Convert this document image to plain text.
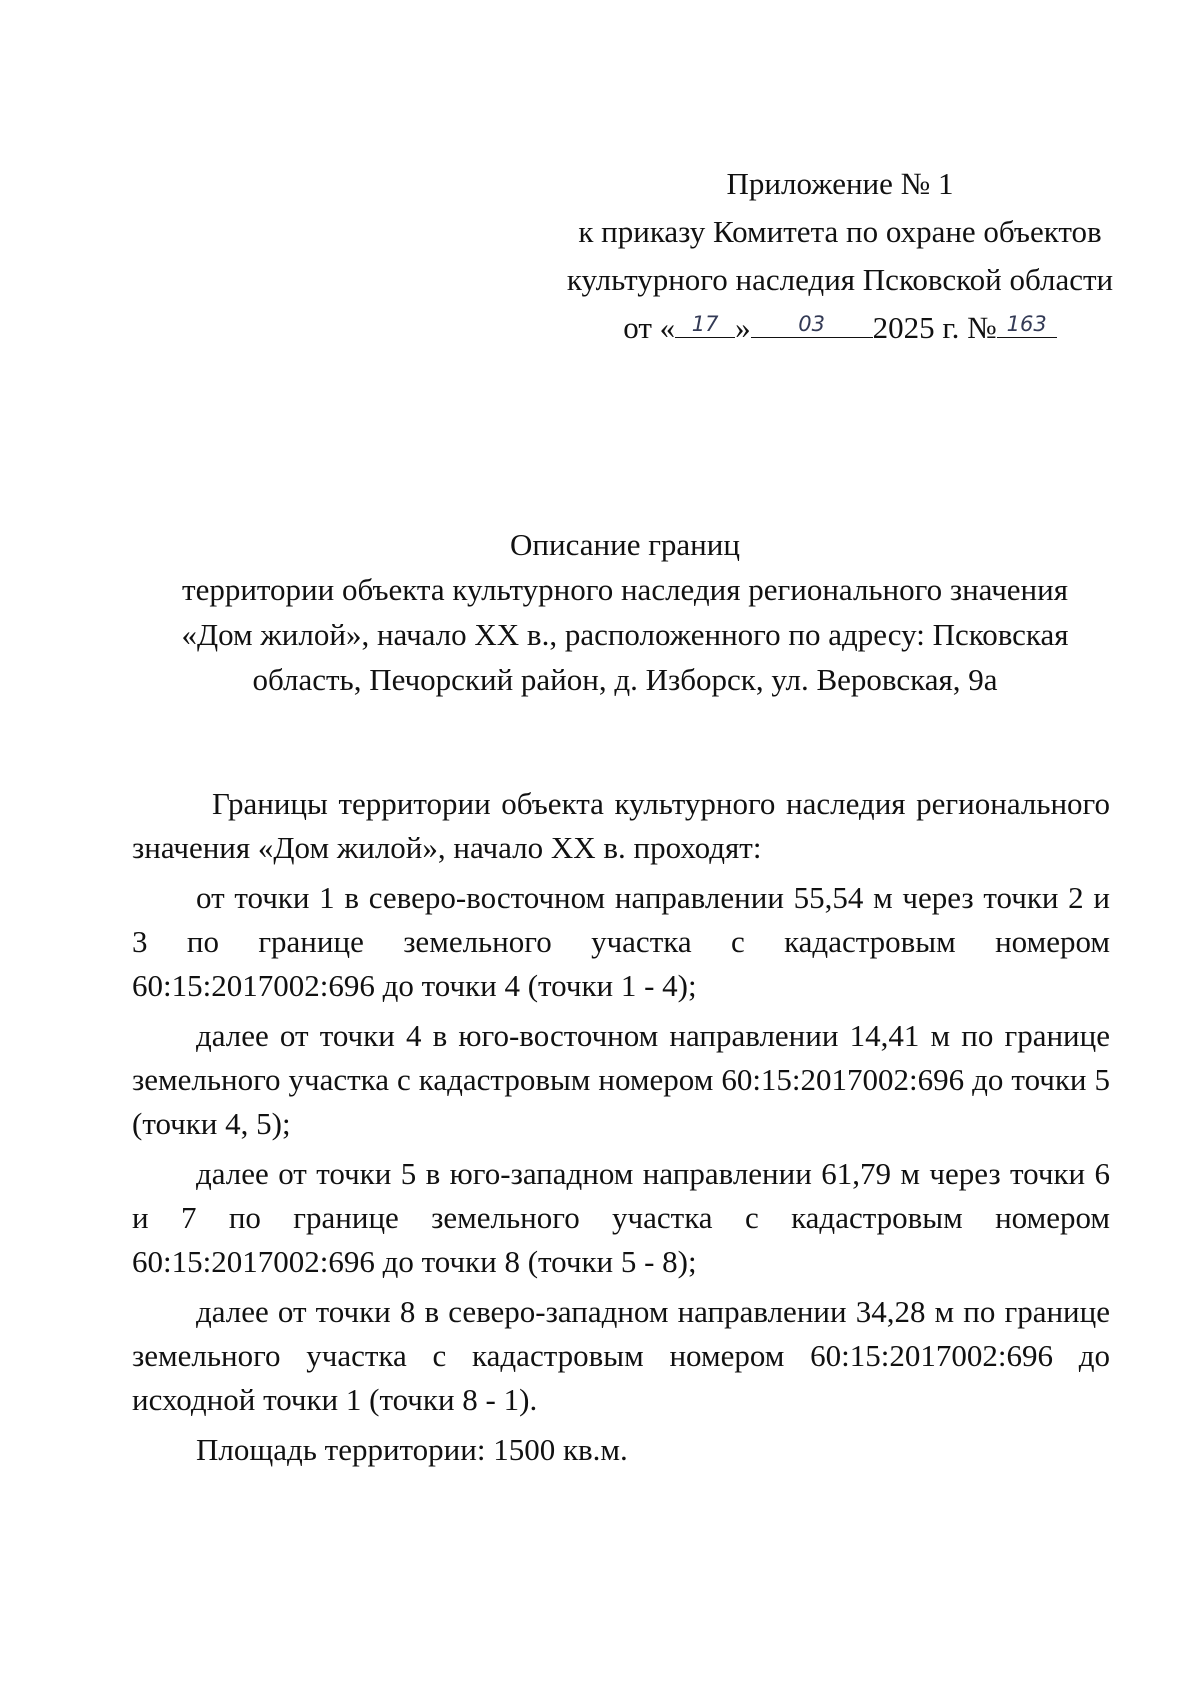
Приложение № 1
к приказу Комитета по охране объектов
культурного наследия Псковской области
от « 17 »	03	2025 г. № 163
Описание границ
территории объекта культурного наследия регионального значения
«Дом жилой», начало XX в., расположенного по адресу: Псковская
область, Печорский район, д. Изборск, ул. Веровская, 9а

Границы территории объекта культурного наследия регионального значения «Дом жилой», начало XX в. проходят:

от точки 1 в северо-восточном направлении 55,54 м через точки 2 и 3 по границе земельного участка с кадастровым номером 60:15:2017002:696 до точки 4 (точки 1 - 4);

далее от точки 4 в юго-восточном направлении 14,41 м по границе земельного участка с кадастровым номером 60:15:2017002:696 до точки 5 (точки 4, 5);

далее от точки 5 в юго-западном направлении 61,79 м через точки 6 и 7 по границе земельного участка с кадастровым номером 60:15:2017002:696 до точки 8 (точки 5 - 8);

далее от точки 8 в северо-западном направлении 34,28 м по границе земельного участка с кадастровым номером 60:15:2017002:696 до исходной точки 1 (точки 8 - 1).

Площадь территории: 1500 кв.м.
